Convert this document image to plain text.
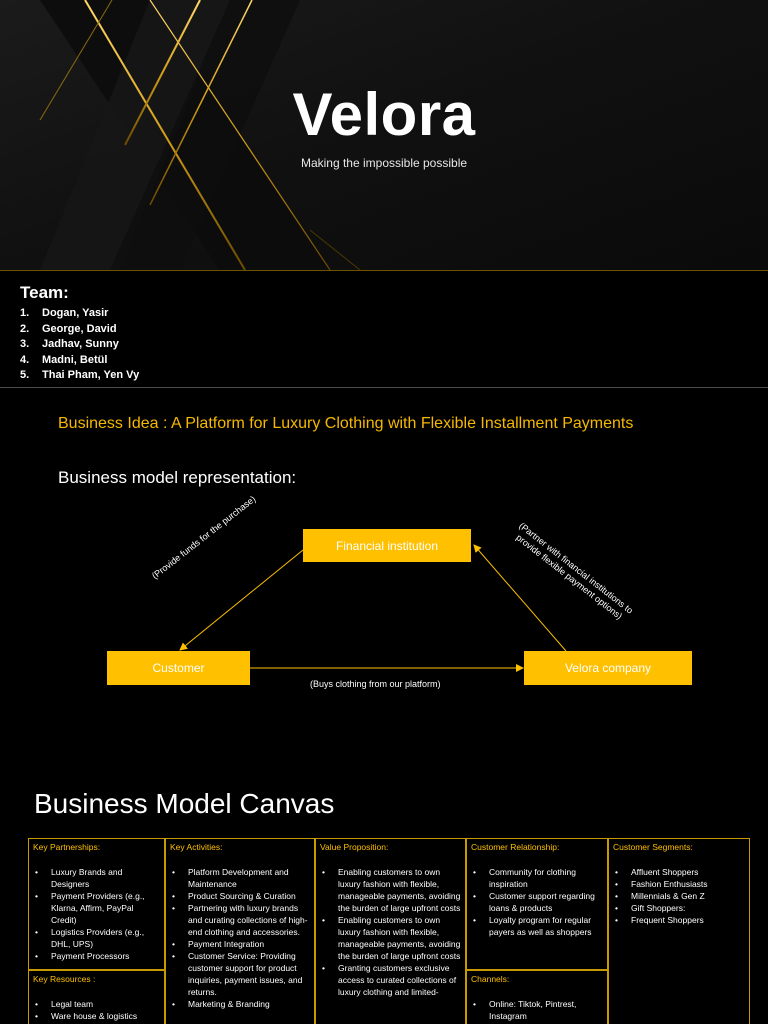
Velora
Making the impossible possible
Team:
1. Dogan, Yasir
2. George, David
3. Jadhav, Sunny
4. Madni, Betül
5. Thai Pham, Yen Vy
Business Idea : A Platform for Luxury Clothing with Flexible Installment Payments
Business model representation:
Financial institution
Customer	Velora company
(Buys clothing from our platform)
(Provide funds for the purchase)	(Partner with financial institutions to provide flexible payment options)
Business Model Canvas
Key Partnerships:
• Luxury Brands and Designers
• Payment Providers (e.g., Klarna, Affirm, PayPal Credit)
• Logistics Providers (e.g., DHL, UPS)
• Payment Processors
Key Resources :
• Legal team
• Ware house & logistics
Key Activities:
• Platform Development and Maintenance
• Product Sourcing & Curation
• Partnering with luxury brands and curating collections of high-end clothing and accessories.
• Payment Integration
• Customer Service: Providing customer support for product inquiries, payment issues, and returns.
• Marketing & Branding
Value Proposition:
• Enabling customers to own luxury fashion with flexible, manageable payments, avoiding the burden of large upfront costs
• Enabling customers to own luxury fashion with flexible, manageable payments, avoiding the burden of large upfront costs
• Granting customers exclusive access to curated collections of luxury clothing and limited-
Customer Relationship:
• Community for clothing inspiration
• Customer support regarding loans & products
• Loyalty program for regular payers as well as shoppers
Channels:
• Online: Tiktok, Pintrest, Instagram
Customer Segments:
• Affluent Shoppers
• Fashion Enthusiasts
• Millennials & Gen Z
• Gift Shoppers:
• Frequent Shoppers
